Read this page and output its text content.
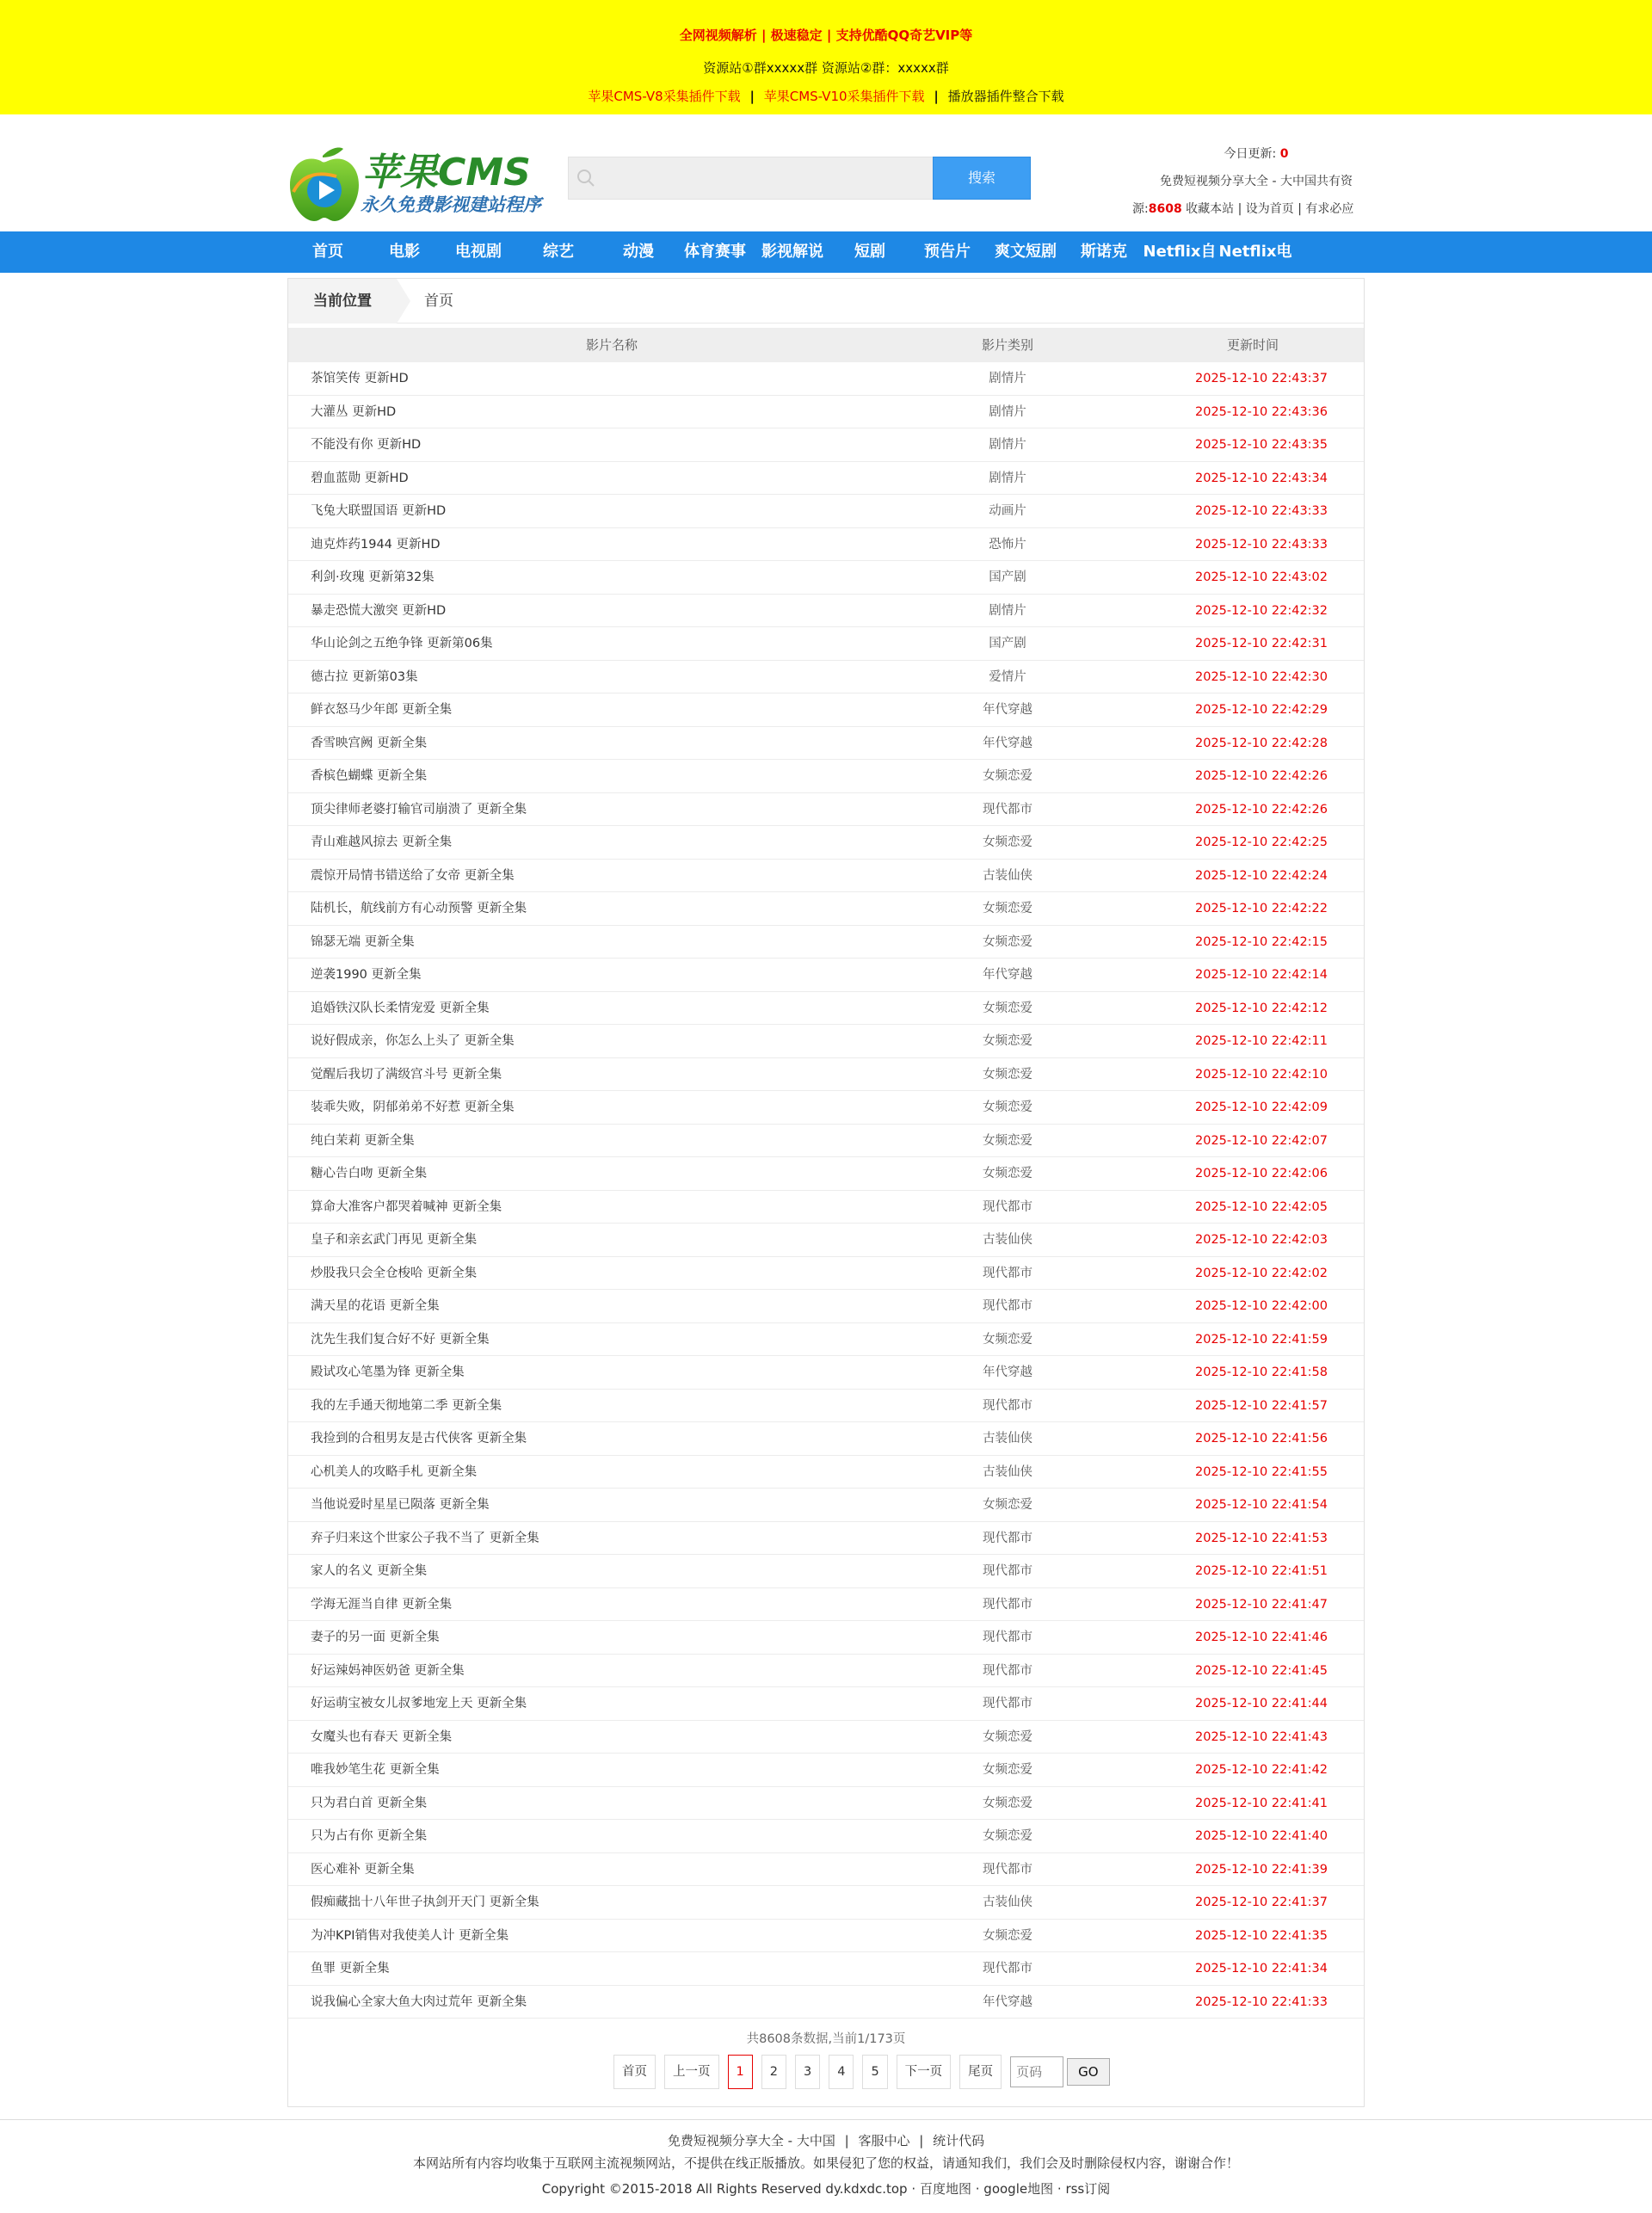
全网视频解析 | 极速稳定 | 支持优酷QQ奇艺VIP等
资源站①群xxxxx群 资源站②群：xxxxx群
苹果CMS-V8采集插件下载 | 苹果CMS-V10采集插件下载 | 播放器插件整合下载
苹果CMS
永久免费影视建站程序
搜索
今日更新: 0
免费短视频分享大全 - 大中国共有资
源:8608 收藏本站 | 设为首页 | 有求必应
首页	电影	电视剧	综艺	动漫	体育赛事	影视解说	短剧	预告片	爽文短剧	斯诺克	Netflix自 Netflix电
当前位置	首页
影片名称	影片类别	更新时间
茶馆笑传 更新HD	剧情片	2025-12-10 22:43:37
大灌丛 更新HD	剧情片	2025-12-10 22:43:36
不能没有你 更新HD	剧情片	2025-12-10 22:43:35
碧血蓝勋 更新HD	剧情片	2025-12-10 22:43:34
飞兔大联盟国语 更新HD	动画片	2025-12-10 22:43:33
迪克炸药1944 更新HD	恐怖片	2025-12-10 22:43:33
利剑·玫瑰 更新第32集	国产剧	2025-12-10 22:43:02
暴走恐慌大激突 更新HD	剧情片	2025-12-10 22:42:32
华山论剑之五绝争锋 更新第06集	国产剧	2025-12-10 22:42:31
德古拉 更新第03集	爱情片	2025-12-10 22:42:30
鲜衣怒马少年郎 更新全集	年代穿越	2025-12-10 22:42:29
香雪映宫阙 更新全集	年代穿越	2025-12-10 22:42:28
香槟色蝴蝶 更新全集	女频恋爱	2025-12-10 22:42:26
顶尖律师老婆打输官司崩溃了 更新全集	现代都市	2025-12-10 22:42:26
青山难越风掠去 更新全集	女频恋爱	2025-12-10 22:42:25
震惊开局情书错送给了女帝 更新全集	古装仙侠	2025-12-10 22:42:24
陆机长，航线前方有心动预警 更新全集	女频恋爱	2025-12-10 22:42:22
锦瑟无端 更新全集	女频恋爱	2025-12-10 22:42:15
逆袭1990 更新全集	年代穿越	2025-12-10 22:42:14
追婚铁汉队长柔情宠爱 更新全集	女频恋爱	2025-12-10 22:42:12
说好假成亲，你怎么上头了 更新全集	女频恋爱	2025-12-10 22:42:11
觉醒后我切了满级宫斗号 更新全集	女频恋爱	2025-12-10 22:42:10
装乖失败，阴郁弟弟不好惹 更新全集	女频恋爱	2025-12-10 22:42:09
纯白茉莉 更新全集	女频恋爱	2025-12-10 22:42:07
糖心告白吻 更新全集	女频恋爱	2025-12-10 22:42:06
算命大准客户都哭着喊神 更新全集	现代都市	2025-12-10 22:42:05
皇子和亲玄武门再见 更新全集	古装仙侠	2025-12-10 22:42:03
炒股我只会全仓梭哈 更新全集	现代都市	2025-12-10 22:42:02
满天星的花语 更新全集	现代都市	2025-12-10 22:42:00
沈先生我们复合好不好 更新全集	女频恋爱	2025-12-10 22:41:59
殿试攻心笔墨为锋 更新全集	年代穿越	2025-12-10 22:41:58
我的左手通天彻地第二季 更新全集	现代都市	2025-12-10 22:41:57
我捡到的合租男友是古代侠客 更新全集	古装仙侠	2025-12-10 22:41:56
心机美人的攻略手札 更新全集	古装仙侠	2025-12-10 22:41:55
当他说爱时星星已陨落 更新全集	女频恋爱	2025-12-10 22:41:54
弃子归来这个世家公子我不当了 更新全集	现代都市	2025-12-10 22:41:53
家人的名义 更新全集	现代都市	2025-12-10 22:41:51
学海无涯当自律 更新全集	现代都市	2025-12-10 22:41:47
妻子的另一面 更新全集	现代都市	2025-12-10 22:41:46
好运辣妈神医奶爸 更新全集	现代都市	2025-12-10 22:41:45
好运萌宝被女儿叔爹地宠上天 更新全集	现代都市	2025-12-10 22:41:44
女魔头也有春天 更新全集	女频恋爱	2025-12-10 22:41:43
唯我妙笔生花 更新全集	女频恋爱	2025-12-10 22:41:42
只为君白首 更新全集	女频恋爱	2025-12-10 22:41:41
只为占有你 更新全集	女频恋爱	2025-12-10 22:41:40
医心难补 更新全集	现代都市	2025-12-10 22:41:39
假痴藏拙十八年世子执剑开天门 更新全集	古装仙侠	2025-12-10 22:41:37
为冲KPI销售对我使美人计 更新全集	女频恋爱	2025-12-10 22:41:35
鱼罪 更新全集	现代都市	2025-12-10 22:41:34
说我偏心全家大鱼大肉过荒年 更新全集	年代穿越	2025-12-10 22:41:33
共8608条数据,当前1/173页
首页	上一页	1	2	3	4	5	下一页	尾页
页码	GO
免费短视频分享大全 - 大中国 | 客服中心 | 统计代码
本网站所有内容均收集于互联网主流视频网站，不提供在线正版播放。如果侵犯了您的权益，请通知我们，我们会及时删除侵权内容，谢谢合作！
Copyright ©2015-2018 All Rights Reserved dy.kdxdc.top · 百度地图 · google地图 · rss订阅
